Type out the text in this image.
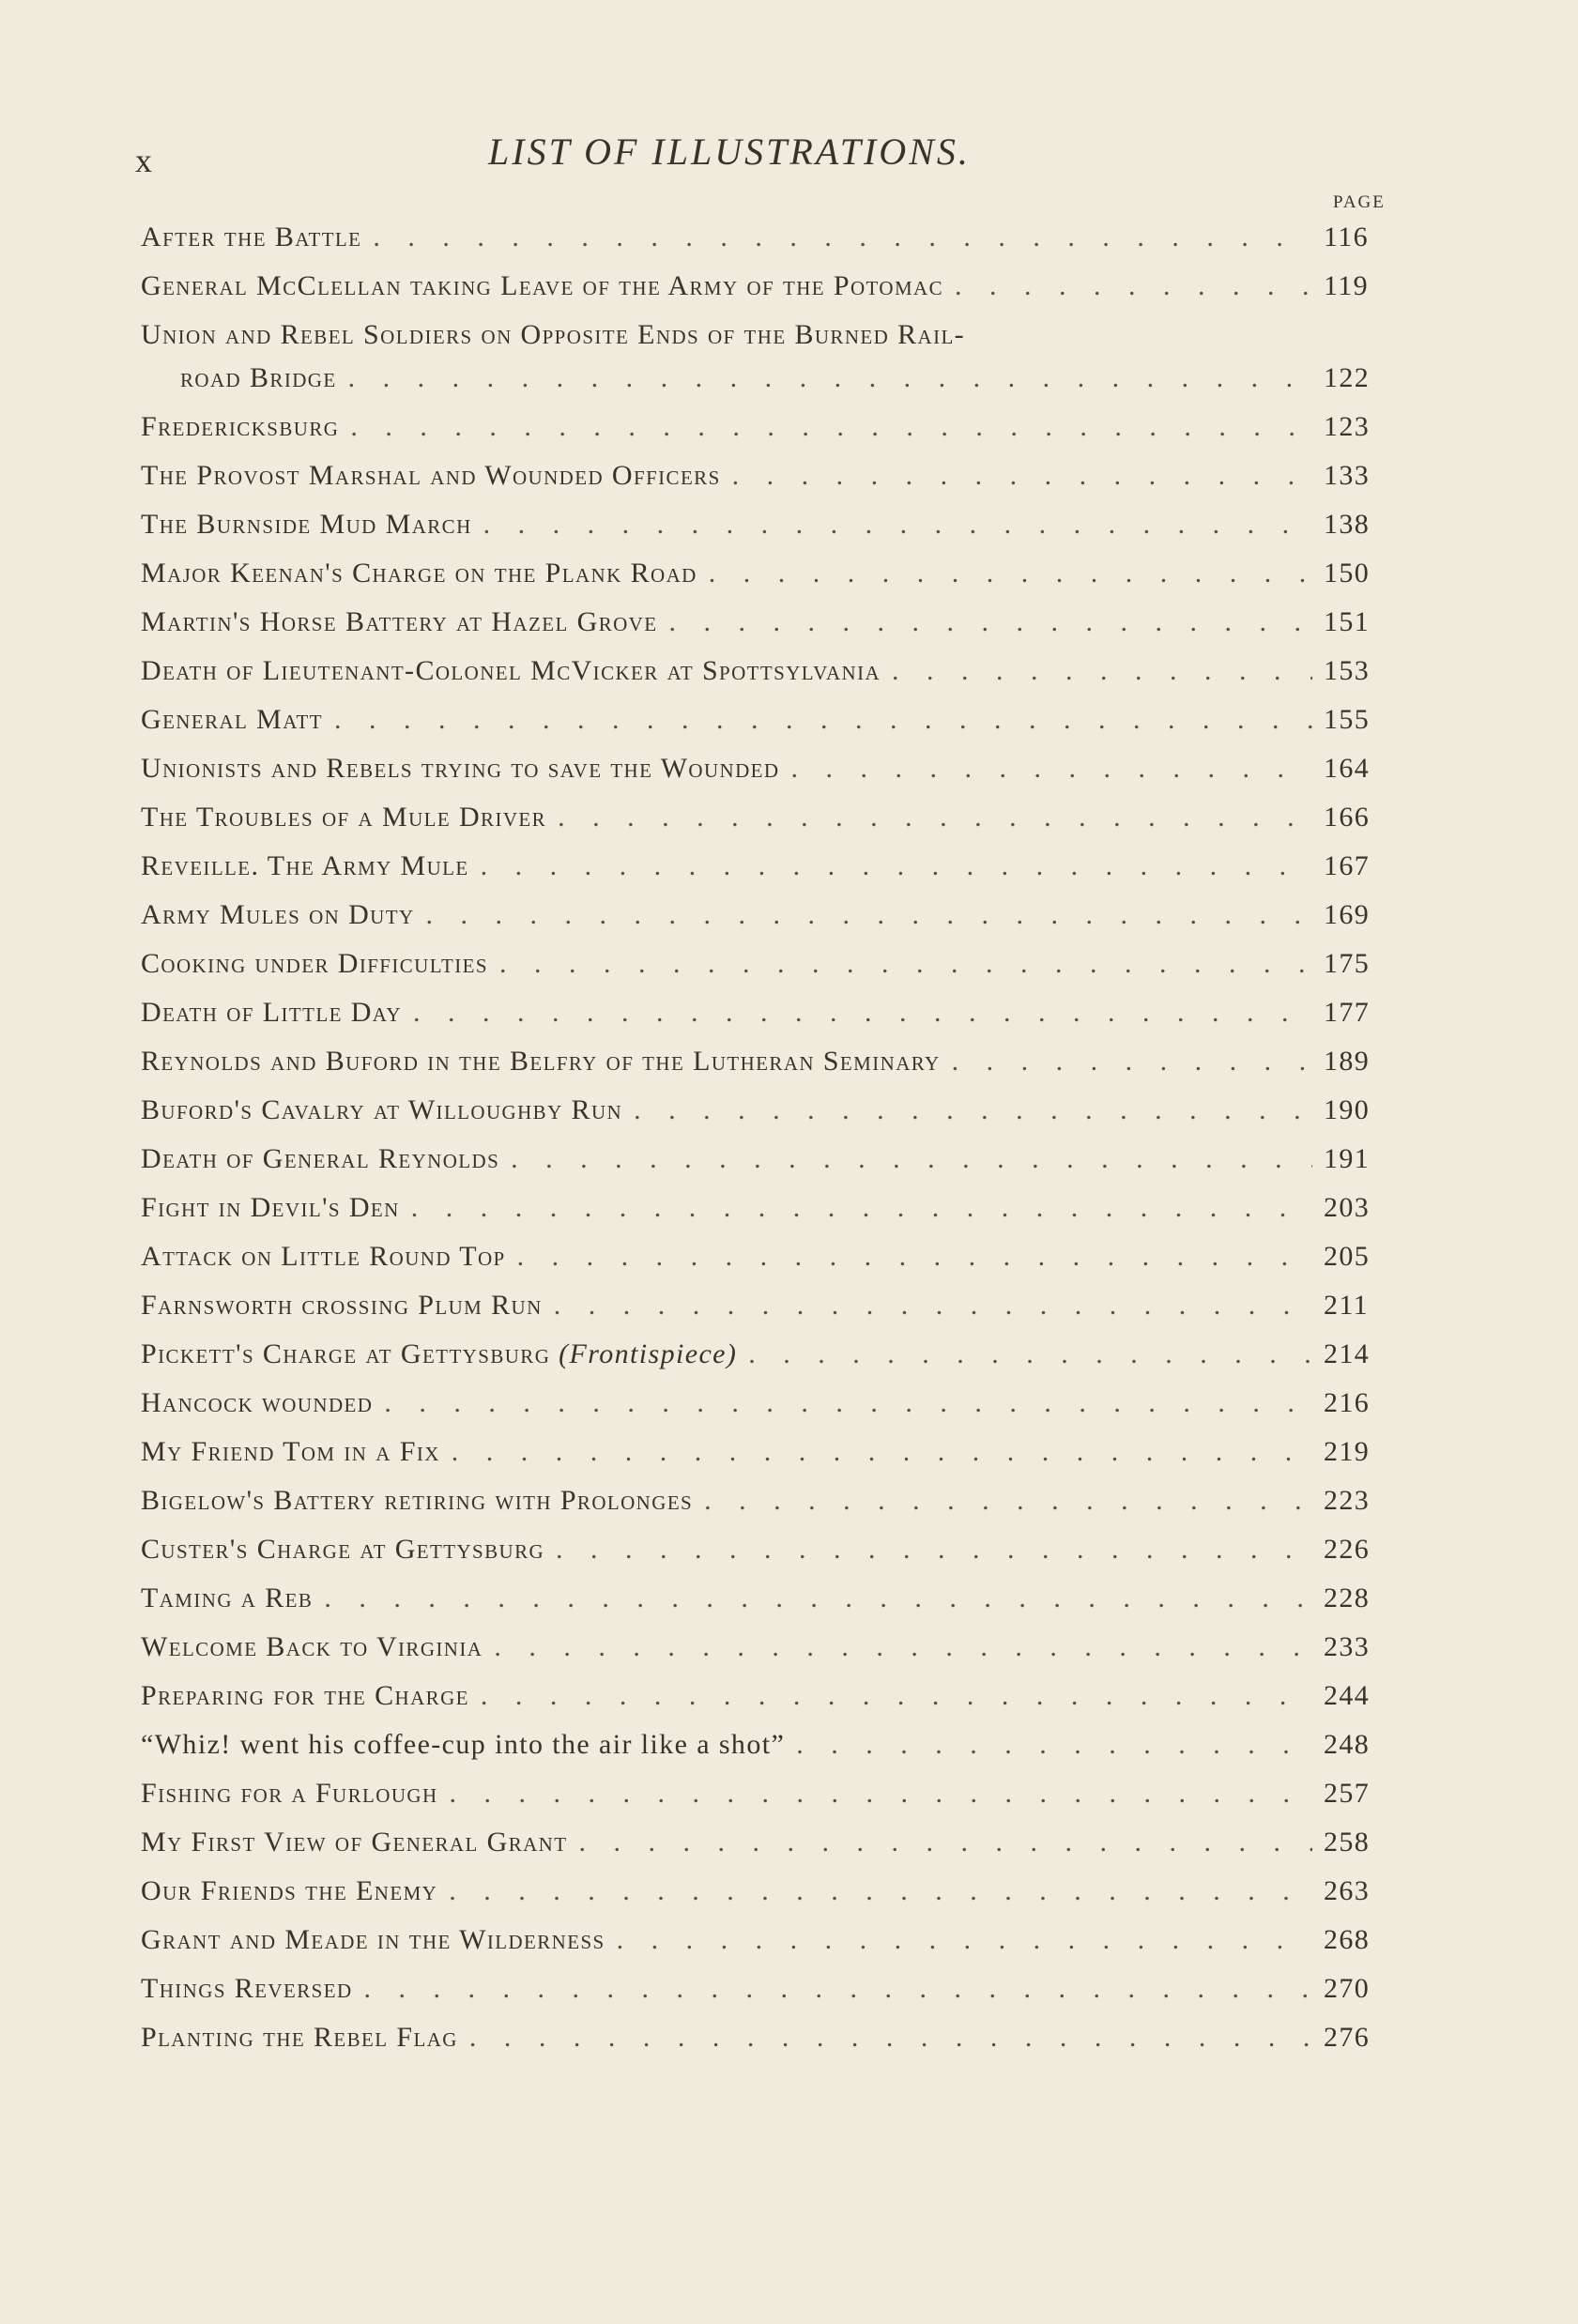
x	LIST OF ILLUSTRATIONS.
PAGE
After the Battle . . .	116
General McClellan taking Leave of the Army of the Potomac . . .	119
Union and Rebel Soldiers on Opposite Ends of the Burned Rail-
road Bridge . . .	122
Fredericksburg . . .	123
The Provost Marshal and Wounded Officers . . .	133
The Burnside Mud March . . .	138
Major Keenan's Charge on the Plank Road . . .	150
Martin's Horse Battery at Hazel Grove . . .	151
Death of Lieutenant-Colonel McVicker at Spottsylvania . . .	153
General Matt . . .	155
Unionists and Rebels trying to save the Wounded . . .	164
The Troubles of a Mule Driver . . .	166
Reveille. The Army Mule . . .	167
Army Mules on Duty . . .	169
Cooking under Difficulties . . .	175
Death of Little Day . . .	177
Reynolds and Buford in the Belfry of the Lutheran Seminary . . .	189
Buford's Cavalry at Willoughby Run . . .	190
Death of General Reynolds . . .	191
Fight in Devil's Den . . .	203
Attack on Little Round Top . . .	205
Farnsworth crossing Plum Run . . .	211
Pickett's Charge at Gettysburg (Frontispiece) . . .	214
Hancock wounded . . .	216
My Friend Tom in a Fix . . .	219
Bigelow's Battery retiring with Prolonges . . .	223
Custer's Charge at Gettysburg . . .	226
Taming a Reb . . .	228
Welcome Back to Virginia . . .	233
Preparing for the Charge . . .	244
“Whiz! went his coffee-cup into the air like a shot” . . .	248
Fishing for a Furlough . . .	257
My First View of General Grant . . .	258
Our Friends the Enemy . . .	263
Grant and Meade in the Wilderness . . .	268
Things Reversed . . .	270
Planting the Rebel Flag . . .	276
